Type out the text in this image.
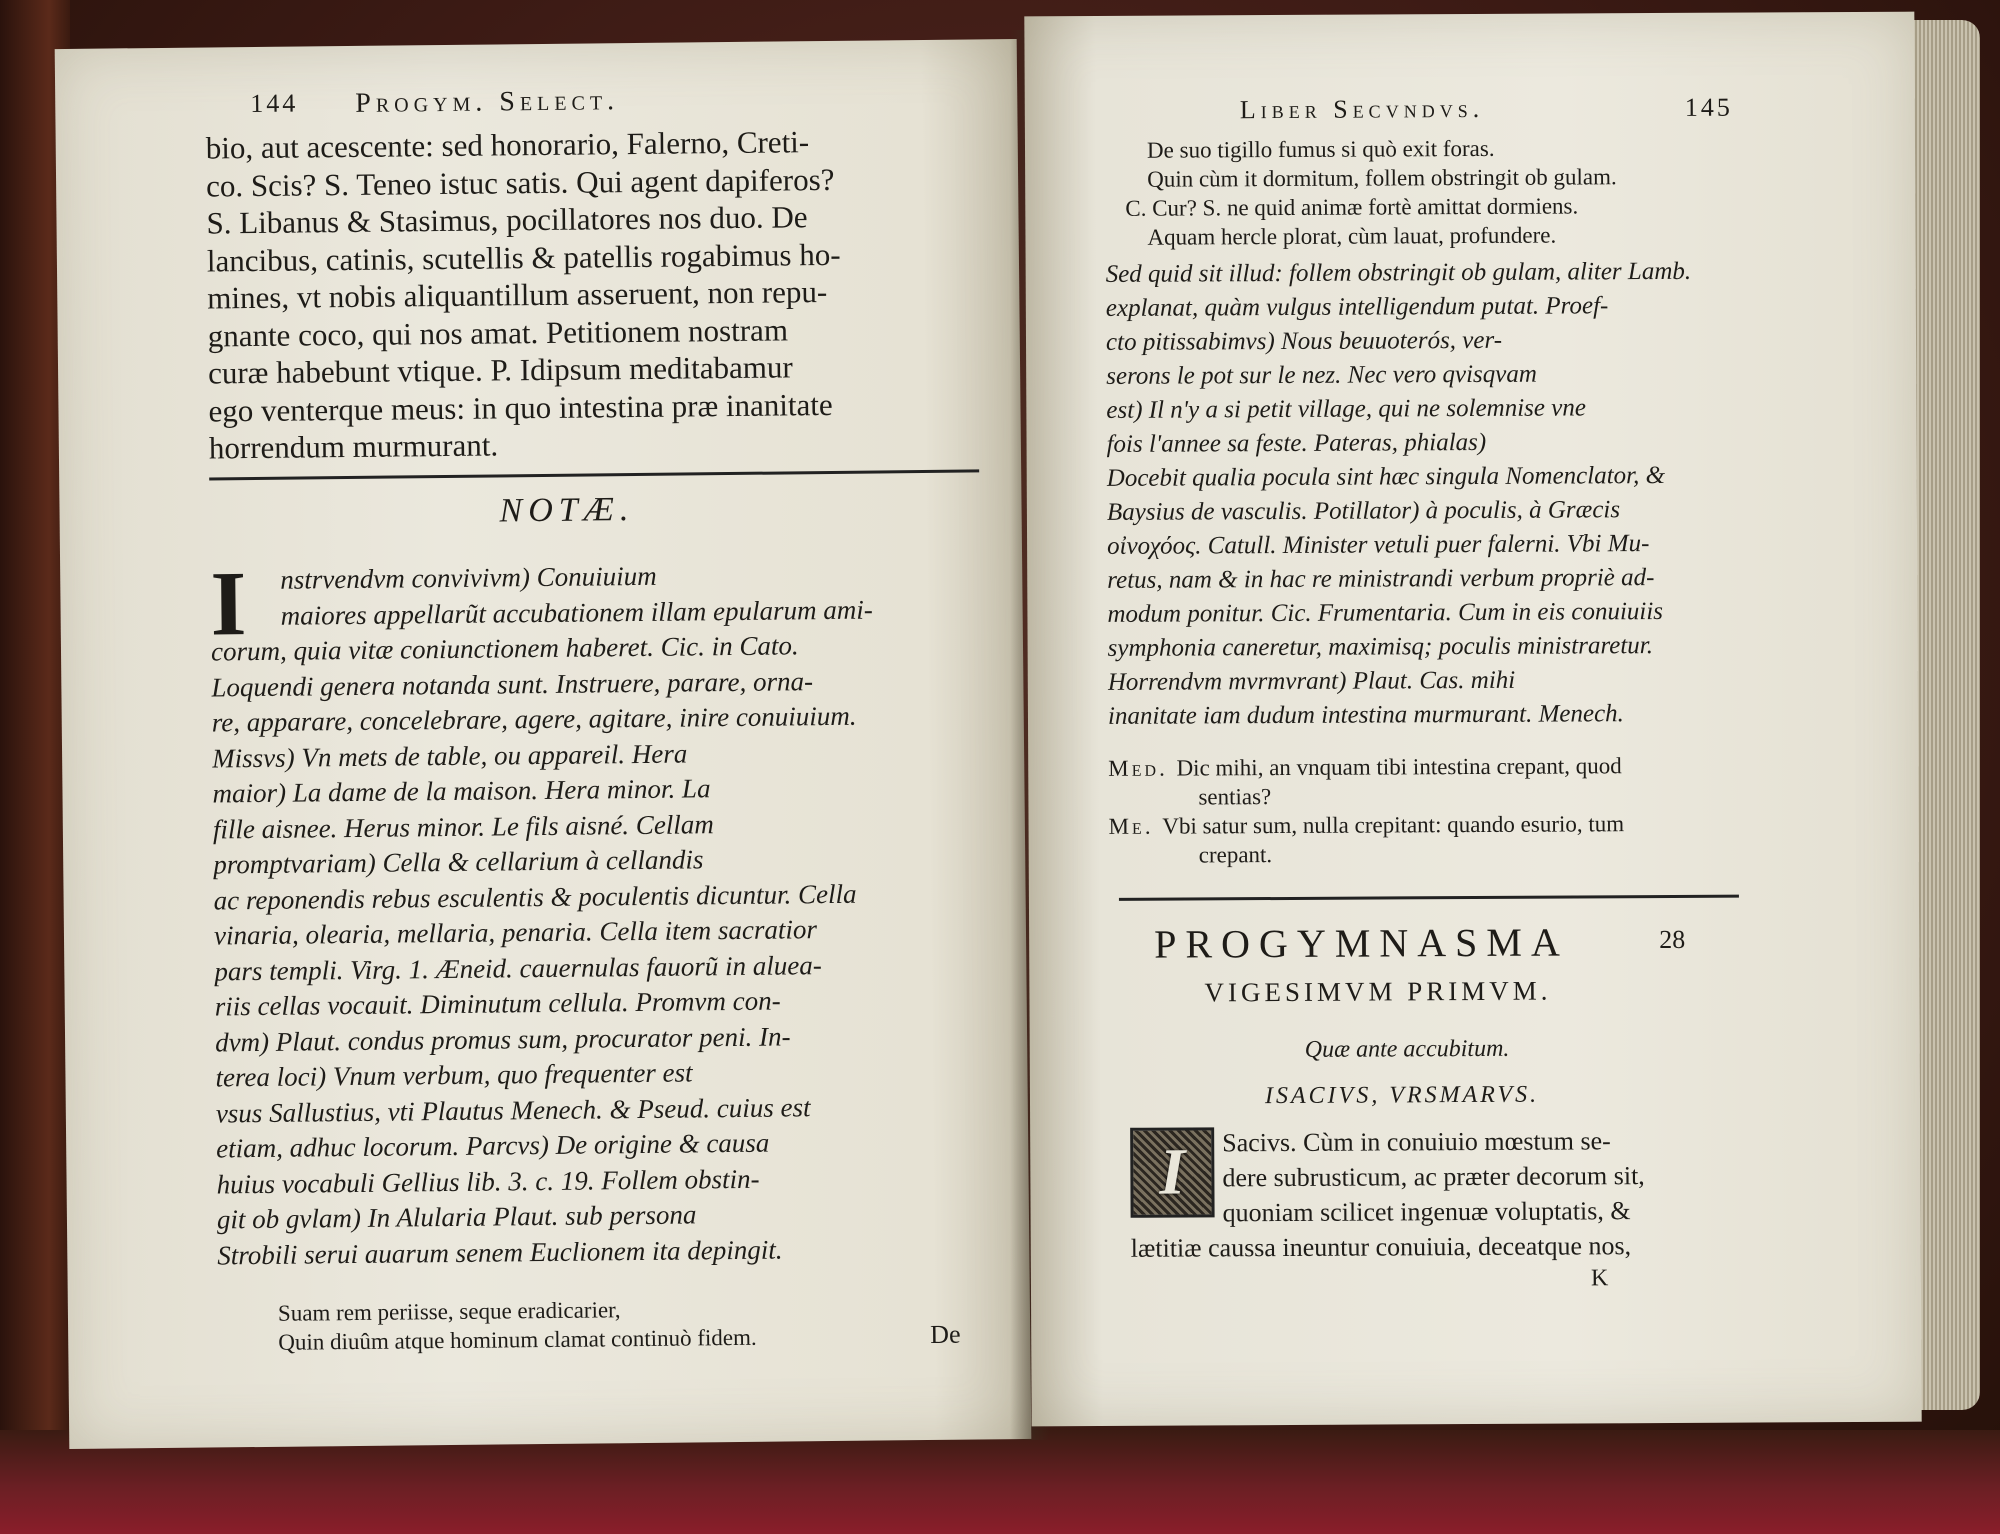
144 Progym. Select.
bio, aut acescente: sed honorario, Falerno, Creti-
co. Scis? S. Teneo istuc satis. Qui agent dapiferos?
S. Libanus & Stasimus, pocillatores nos duo. De
lancibus, catinis, scutellis & patellis rogabimus ho-
mines, vt nobis aliquantillum asseruent, non repu-
gnante coco, qui nos amat. Petitionem nostram
curæ habebunt vtique. P. Idipsum meditabamur
ego venterque meus: in quo intestina præ inanitate
horrendum murmurant.
NOTÆ.
I	nstrvendvm convivivm) Conuiuium
maiores appellarũt accubationem illam epularum ami-
corum, quia vitæ coniunctionem haberet. Cic. in Cato.
Loquendi genera notanda sunt. Instruere, parare, orna-
re, apparare, concelebrare, agere, agitare, inire conuiuium.
Missvs) Vn mets de table, ou appareil. Hera
maior) La dame de la maison. Hera minor. La
fille aisnee. Herus minor. Le fils aisné. Cellam
promptvariam) Cella & cellarium à cellandis
ac reponendis rebus esculentis & poculentis dicuntur. Cella
vinaria, olearia, mellaria, penaria. Cella item sacratior
pars templi. Virg. 1. Æneid. cauernulas fauorũ in aluea-
riis cellas vocauit. Diminutum cellula. Promvm con-
dvm) Plaut. condus promus sum, procurator peni. In-
terea loci) Vnum verbum, quo frequenter est
vsus Sallustius, vti Plautus Menech. & Pseud. cuius est
etiam, adhuc locorum. Parcvs) De origine & causa
huius vocabuli Gellius lib. 3. c. 19. Follem obstin-
git ob gvlam) In Alularia Plaut. sub persona
Strobili serui auarum senem Euclionem ita depingit.
Suam rem periisse, seque eradicarier,
Quin diuûm atque hominum clamat continuò fidem.	De
Liber Secvndvs.	145
De suo tigillo fumus si quò exit foras.
Quin cùm it dormitum, follem obstringit ob gulam.
C. Cur? S. ne quid animæ fortè amittat dormiens.
Aquam hercle plorat, cùm lauat, profundere.
Sed quid sit illud: follem obstringit ob gulam, aliter Lamb.
explanat, quàm vulgus intelligendum putat. Proef-
cto pitissabimvs) Nous beuuoterós, ver-
serons le pot sur le nez. Nec vero qvisqvam
est) Il n'y a si petit village, qui ne solemnise vne
fois l'annee sa feste. Pateras, phialas)
Docebit qualia pocula sint hæc singula Nomenclator, &
Baysius de vasculis. Potillator) à poculis, à Græcis
οἰνοχόος. Catull. Minister vetuli puer falerni. Vbi Mu-
retus, nam & in hac re ministrandi verbum propriè ad-
modum ponitur. Cic. Frumentaria. Cum in eis conuiuiis
symphonia caneretur, maximisq; poculis ministraretur.
Horrendvm mvrmvrant) Plaut. Cas. mihi
inanitate iam dudum intestina murmurant. Menech.
Med. Dic mihi, an vnquam tibi intestina crepant, quod
sentias?
Me. Vbi satur sum, nulla crepitant: quando esurio, tum
crepant.
PROGYMNASMA	28
VIGESIMVM PRIMVM.
Quæ ante accubitum.
ISACIVS, VRSMARVS.
I	Sacivs. Cùm in conuiuio mœstum se-
dere subrusticum, ac præter decorum sit,
quoniam scilicet ingenuæ voluptatis, &
lætitiæ caussa ineuntur conuiuia, deceatque nos,
K
